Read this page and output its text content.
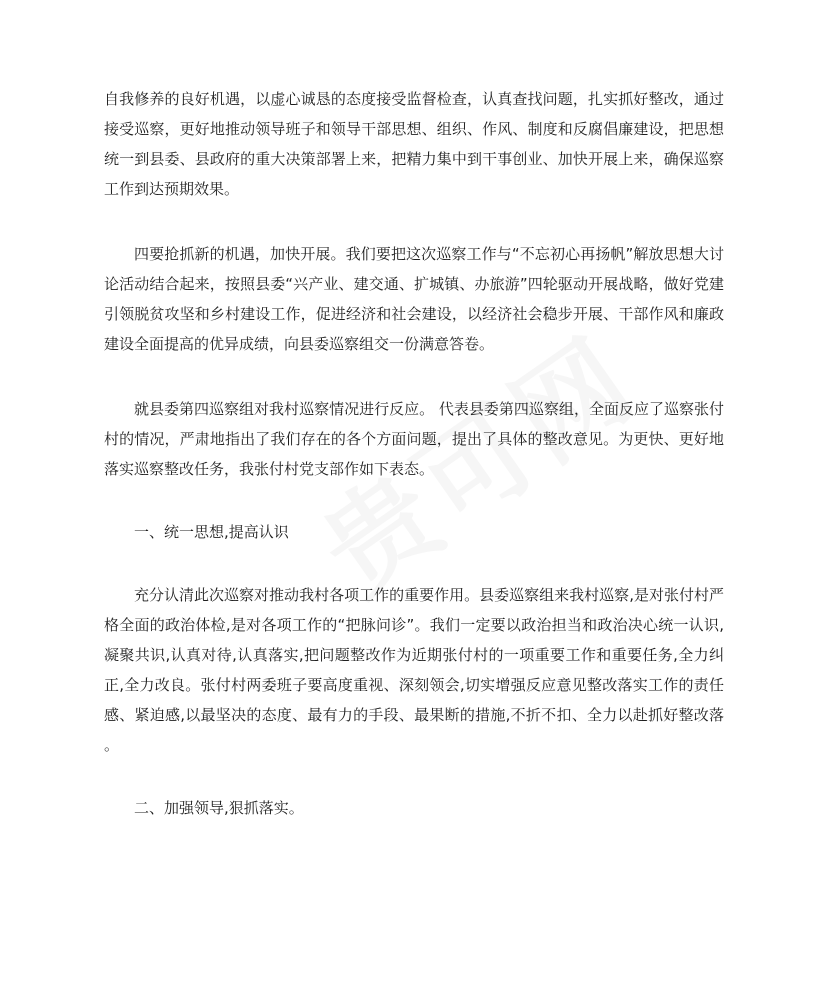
自我修养的良好机遇，以虚心诚恳的态度接受监督检查，认真查找问题，扎实抓好整改，通过接受巡察，更好地推动领导班子和领导干部思想、组织、作风、制度和反腐倡廉建设，把思想统一到县委、县政府的重大决策部署上来，把精力集中到干事创业、加快开展上来，确保巡察工作到达预期效果。

四要抢抓新的机遇，加快开展。我们要把这次巡察工作与“不忘初心再扬帆”解放思想大讨论活动结合起来，按照县委“兴产业、建交通、扩城镇、办旅游”四轮驱动开展战略，做好党建引领脱贫攻坚和乡村建设工作，促进经济和社会建设，以经济社会稳步开展、干部作风和廉政建设全面提高的优异成绩，向县委巡察组交一份满意答卷。

就县委第四巡察组对我村巡察情况进行反应。 代表县委第四巡察组，全面反应了巡察张付村的情况，严肃地指出了我们存在的各个方面问题，提出了具体的整改意见。为更快、更好地落实巡察整改任务，我张付村党支部作如下表态。

一、统一思想,提高认识

充分认清此次巡察对推动我村各项工作的重要作用。县委巡察组来我村巡察,是对张付村严格全面的政治体检,是对各项工作的“把脉问诊”。我们一定要以政治担当和政治决心统一认识,凝聚共识,认真对待,认真落实,把问题整改作为近期张付村的一项重要工作和重要任务,全力纠正,全力改良。张付村两委班子要高度重视、深刻领会,切实增强反应意见整改落实工作的责任感、紧迫感,以最坚决的态度、最有力的手段、最果断的措施,不折不扣、全力以赴抓好整改落 。

二、加强领导,狠抓落实。
